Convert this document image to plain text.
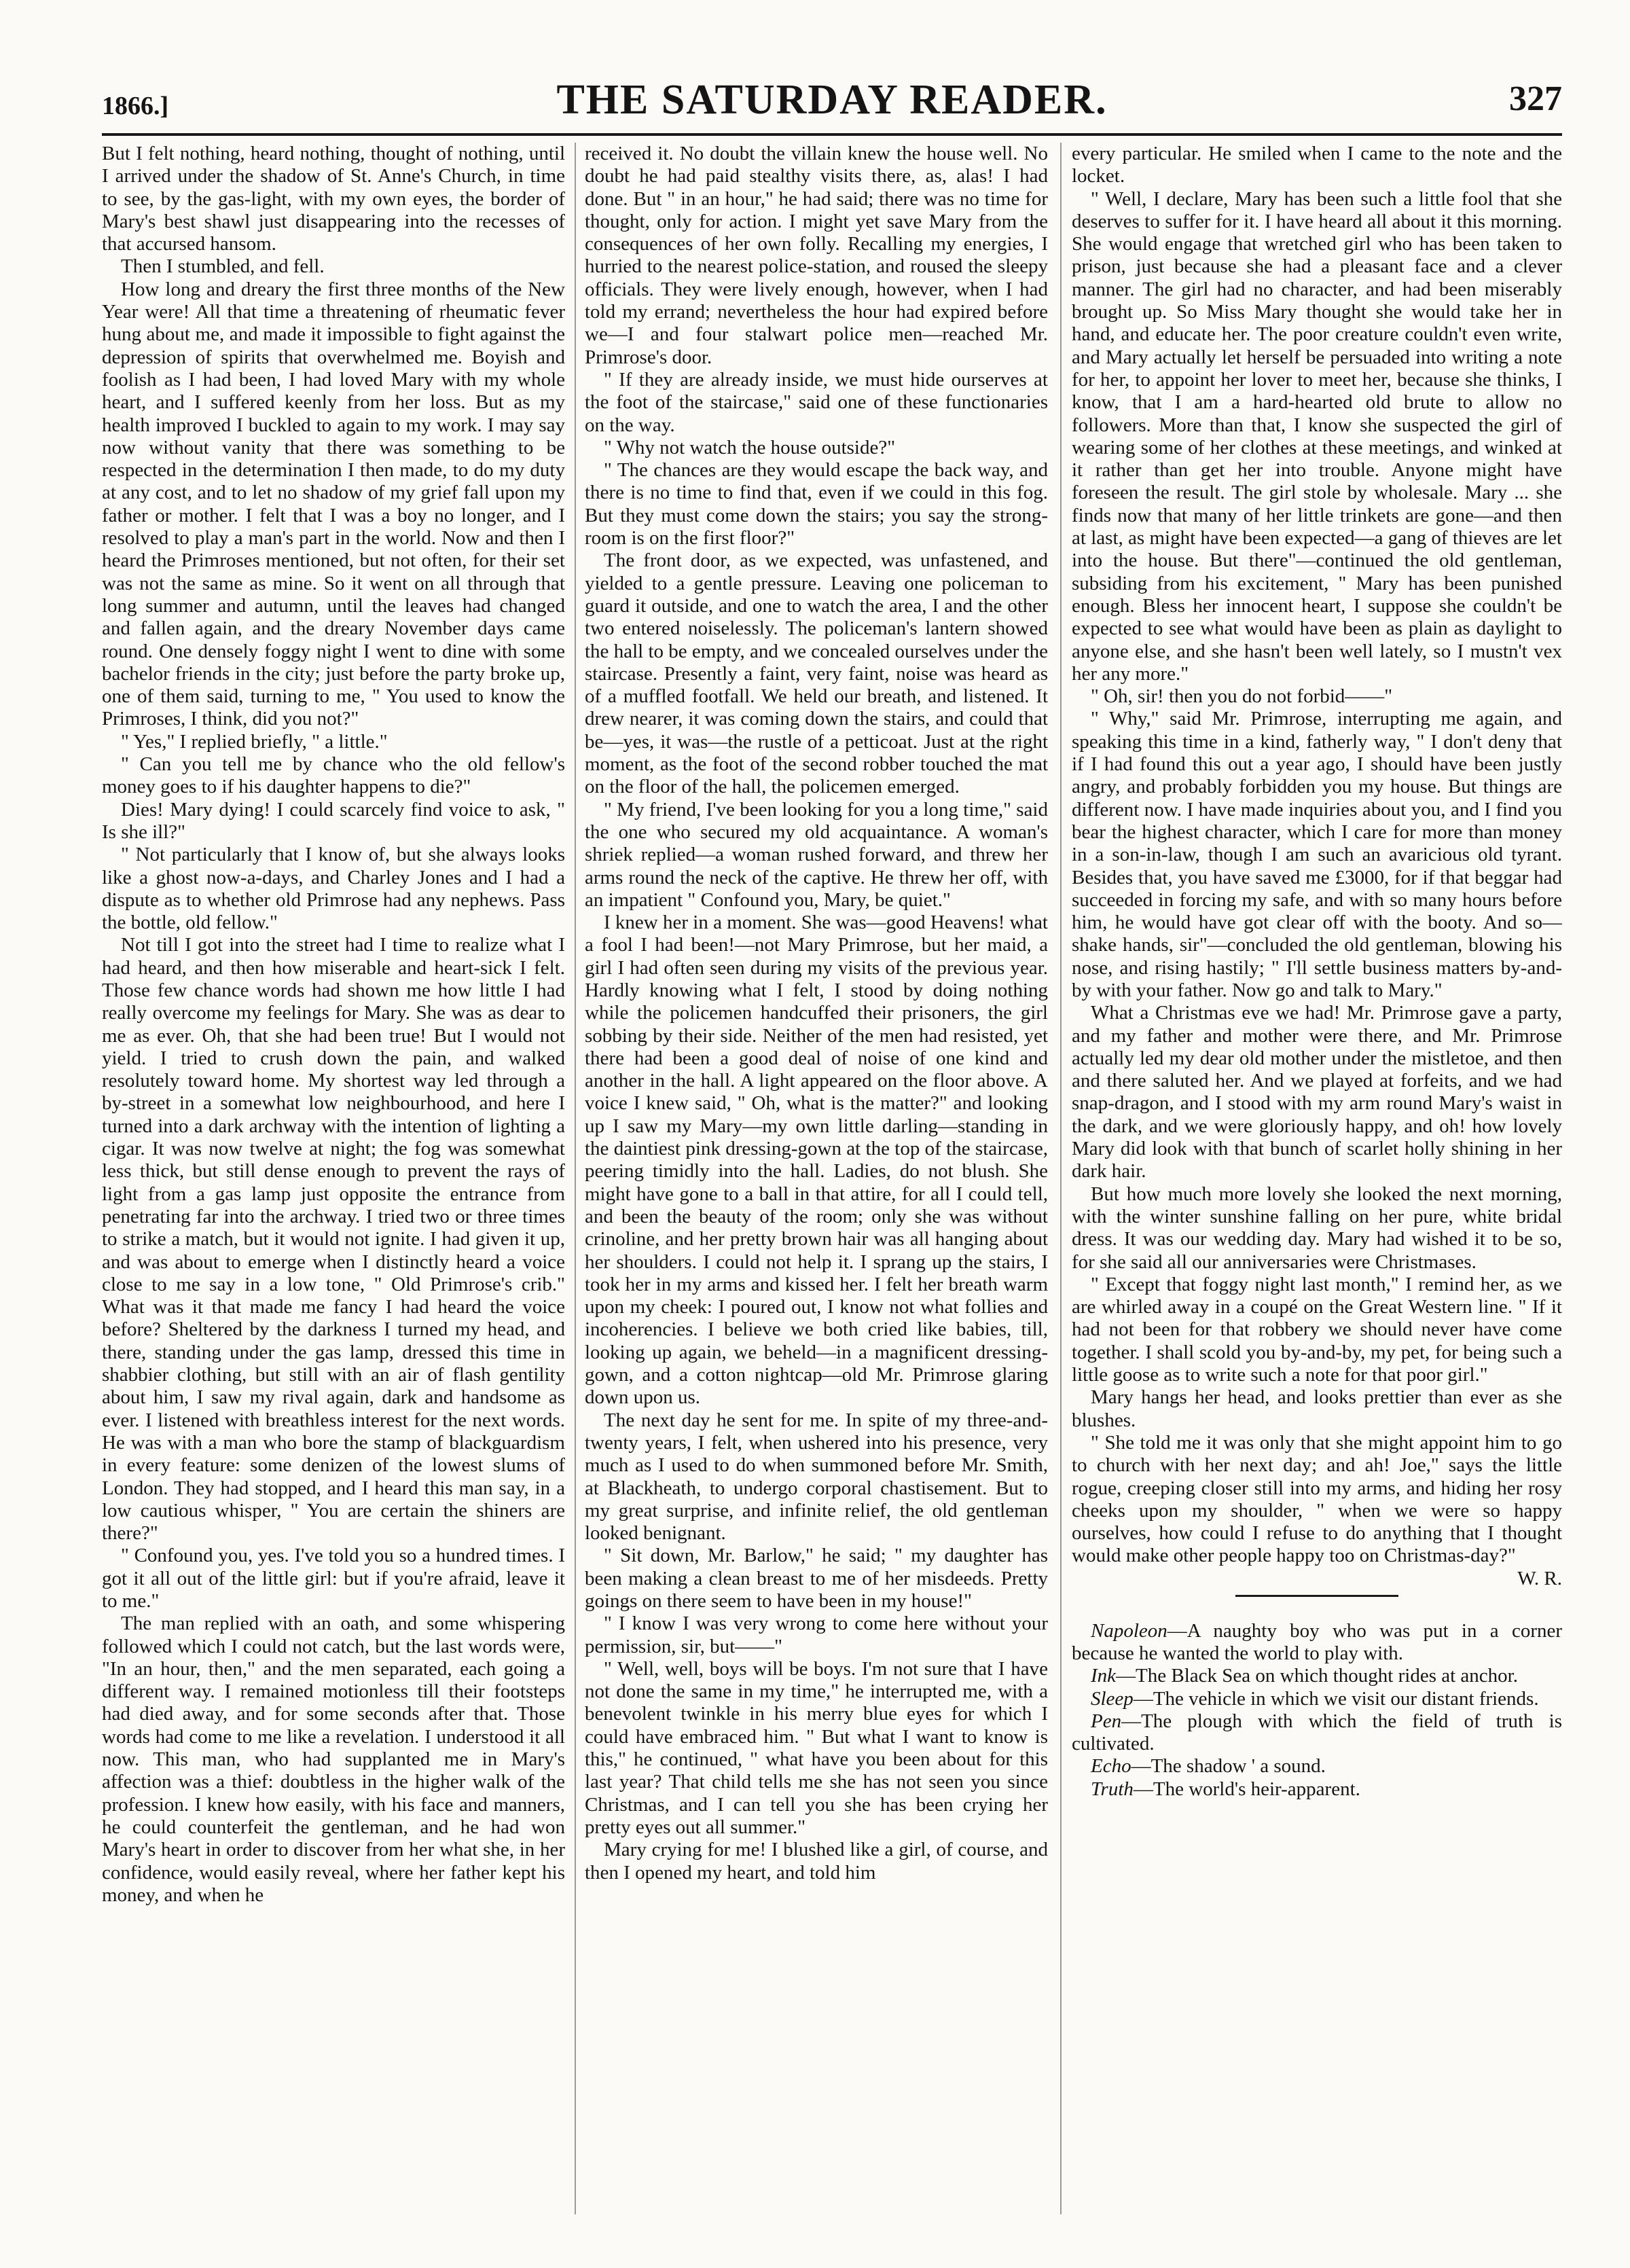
1866.]	THE SATURDAY READER.	327

But I felt nothing, heard nothing, thought of nothing, until I arrived under the shadow of St. Anne's Church, in time to see, by the gas-light, with my own eyes, the border of Mary's best shawl just disappearing into the recesses of that accursed hansom.

Then I stumbled, and fell.

How long and dreary the first three months of the New Year were! All that time a threatening of rheumatic fever hung about me, and made it impossible to fight against the depression of spirits that overwhelmed me. Boyish and foolish as I had been, I had loved Mary with my whole heart, and I suffered keenly from her loss. But as my health improved I buckled to again to my work. I may say now without vanity that there was something to be respected in the determination I then made, to do my duty at any cost, and to let no shadow of my grief fall upon my father or mother. I felt that I was a boy no longer, and I resolved to play a man's part in the world. Now and then I heard the Primroses mentioned, but not often, for their set was not the same as mine. So it went on all through that long summer and autumn, until the leaves had changed and fallen again, and the dreary November days came round. One densely foggy night I went to dine with some bachelor friends in the city; just before the party broke up, one of them said, turning to me, " You used to know the Primroses, I think, did you not?"

" Yes," I replied briefly, " a little."

" Can you tell me by chance who the old fellow's money goes to if his daughter happens to die?"

Dies! Mary dying! I could scarcely find voice to ask, " Is she ill?"

" Not particularly that I know of, but she always looks like a ghost now-a-days, and Charley Jones and I had a dispute as to whether old Primrose had any nephews. Pass the bottle, old fellow."

Not till I got into the street had I time to realize what I had heard, and then how miserable and heart-sick I felt. Those few chance words had shown me how little I had really overcome my feelings for Mary. She was as dear to me as ever. Oh, that she had been true! But I would not yield. I tried to crush down the pain, and walked resolutely toward home. My shortest way led through a by-street in a somewhat low neighbourhood, and here I turned into a dark archway with the intention of lighting a cigar. It was now twelve at night; the fog was somewhat less thick, but still dense enough to prevent the rays of light from a gas lamp just opposite the entrance from penetrating far into the archway. I tried two or three times to strike a match, but it would not ignite. I had given it up, and was about to emerge when I distinctly heard a voice close to me say in a low tone, " Old Primrose's crib." What was it that made me fancy I had heard the voice before? Sheltered by the darkness I turned my head, and there, standing under the gas lamp, dressed this time in shabbier clothing, but still with an air of flash gentility about him, I saw my rival again, dark and handsome as ever. I listened with breathless interest for the next words. He was with a man who bore the stamp of blackguardism in every feature: some denizen of the lowest slums of London. They had stopped, and I heard this man say, in a low cautious whisper, " You are certain the shiners are there?"

" Confound you, yes. I've told you so a hundred times. I got it all out of the little girl: but if you're afraid, leave it to me."

The man replied with an oath, and some whispering followed which I could not catch, but the last words were, "In an hour, then," and the men separated, each going a different way. I remained motionless till their footsteps had died away, and for some seconds after that. Those words had come to me like a revelation. I understood it all now. This man, who had supplanted me in Mary's affection was a thief: doubtless in the higher walk of the profession. I knew how easily, with his face and manners, he could counterfeit the gentleman, and he had won Mary's heart in order to discover from her what she, in her confidence, would easily reveal, where her father kept his money, and when he

received it. No doubt the villain knew the house well. No doubt he had paid stealthy visits there, as, alas! I had done. But " in an hour," he had said; there was no time for thought, only for action. I might yet save Mary from the consequences of her own folly. Recalling my energies, I hurried to the nearest police-station, and roused the sleepy officials. They were lively enough, however, when I had told my errand; nevertheless the hour had expired before we—I and four stalwart police men—reached Mr. Primrose's door.

" If they are already inside, we must hide ourserves at the foot of the staircase," said one of these functionaries on the way.

" Why not watch the house outside?"

" The chances are they would escape the back way, and there is no time to find that, even if we could in this fog. But they must come down the stairs; you say the strong-room is on the first floor?"

The front door, as we expected, was unfastened, and yielded to a gentle pressure. Leaving one policeman to guard it outside, and one to watch the area, I and the other two entered noiselessly. The policeman's lantern showed the hall to be empty, and we concealed ourselves under the staircase. Presently a faint, very faint, noise was heard as of a muffled footfall. We held our breath, and listened. It drew nearer, it was coming down the stairs, and could that be—yes, it was—the rustle of a petticoat. Just at the right moment, as the foot of the second robber touched the mat on the floor of the hall, the policemen emerged.

" My friend, I've been looking for you a long time," said the one who secured my old acquaintance. A woman's shriek replied—a woman rushed forward, and threw her arms round the neck of the captive. He threw her off, with an impatient " Confound you, Mary, be quiet."

I knew her in a moment. She was—good Heavens! what a fool I had been!—not Mary Primrose, but her maid, a girl I had often seen during my visits of the previous year. Hardly knowing what I felt, I stood by doing nothing while the policemen handcuffed their prisoners, the girl sobbing by their side. Neither of the men had resisted, yet there had been a good deal of noise of one kind and another in the hall. A light appeared on the floor above. A voice I knew said, " Oh, what is the matter?" and looking up I saw my Mary—my own little darling—standing in the daintiest pink dressing-gown at the top of the staircase, peering timidly into the hall. Ladies, do not blush. She might have gone to a ball in that attire, for all I could tell, and been the beauty of the room; only she was without crinoline, and her pretty brown hair was all hanging about her shoulders. I could not help it. I sprang up the stairs, I took her in my arms and kissed her. I felt her breath warm upon my cheek: I poured out, I know not what follies and incoherencies. I believe we both cried like babies, till, looking up again, we beheld—in a magnificent dressing-gown, and a cotton nightcap—old Mr. Primrose glaring down upon us.

The next day he sent for me. In spite of my three-and-twenty years, I felt, when ushered into his presence, very much as I used to do when summoned before Mr. Smith, at Blackheath, to undergo corporal chastisement. But to my great surprise, and infinite relief, the old gentleman looked benignant.

" Sit down, Mr. Barlow," he said; " my daughter has been making a clean breast to me of her misdeeds. Pretty goings on there seem to have been in my house!"

" I know I was very wrong to come here without your permission, sir, but——"

" Well, well, boys will be boys. I'm not sure that I have not done the same in my time," he interrupted me, with a benevolent twinkle in his merry blue eyes for which I could have embraced him. " But what I want to know is this," he continued, " what have you been about for this last year? That child tells me she has not seen you since Christmas, and I can tell you she has been crying her pretty eyes out all summer."

Mary crying for me! I blushed like a girl, of course, and then I opened my heart, and told him

every particular. He smiled when I came to the note and the locket.

" Well, I declare, Mary has been such a little fool that she deserves to suffer for it. I have heard all about it this morning. She would engage that wretched girl who has been taken to prison, just because she had a pleasant face and a clever manner. The girl had no character, and had been miserably brought up. So Miss Mary thought she would take her in hand, and educate her. The poor creature couldn't even write, and Mary actually let herself be persuaded into writing a note for her, to appoint her lover to meet her, because she thinks, I know, that I am a hard-hearted old brute to allow no followers. More than that, I know she suspected the girl of wearing some of her clothes at these meetings, and winked at it rather than get her into trouble. Anyone might have foreseen the result. The girl stole by wholesale. Mary ... she finds now that many of her little trinkets are gone—and then at last, as might have been expected—a gang of thieves are let into the house. But there"—continued the old gentleman, subsiding from his excitement, " Mary has been punished enough. Bless her innocent heart, I suppose she couldn't be expected to see what would have been as plain as daylight to anyone else, and she hasn't been well lately, so I mustn't vex her any more."

" Oh, sir! then you do not forbid——"

" Why," said Mr. Primrose, interrupting me again, and speaking this time in a kind, fatherly way, " I don't deny that if I had found this out a year ago, I should have been justly angry, and probably forbidden you my house. But things are different now. I have made inquiries about you, and I find you bear the highest character, which I care for more than money in a son-in-law, though I am such an avaricious old tyrant. Besides that, you have saved me £3000, for if that beggar had succeeded in forcing my safe, and with so many hours before him, he would have got clear off with the booty. And so—shake hands, sir"—concluded the old gentleman, blowing his nose, and rising hastily; " I'll settle business matters by-and-by with your father. Now go and talk to Mary."

What a Christmas eve we had! Mr. Primrose gave a party, and my father and mother were there, and Mr. Primrose actually led my dear old mother under the mistletoe, and then and there saluted her. And we played at forfeits, and we had snap-dragon, and I stood with my arm round Mary's waist in the dark, and we were gloriously happy, and oh! how lovely Mary did look with that bunch of scarlet holly shining in her dark hair.

But how much more lovely she looked the next morning, with the winter sunshine falling on her pure, white bridal dress. It was our wedding day. Mary had wished it to be so, for she said all our anniversaries were Christmases.

" Except that foggy night last month," I remind her, as we are whirled away in a coupé on the Great Western line. " If it had not been for that robbery we should never have come together. I shall scold you by-and-by, my pet, for being such a little goose as to write such a note for that poor girl."

Mary hangs her head, and looks prettier than ever as she blushes.

" She told me it was only that she might appoint him to go to church with her next day; and ah! Joe," says the little rogue, creeping closer still into my arms, and hiding her rosy cheeks upon my shoulder, " when we were so happy ourselves, how could I refuse to do anything that I thought would make other people happy too on Christmas-day?"
W. R.

Napoleon—A naughty boy who was put in a corner because he wanted the world to play with.

Ink—The Black Sea on which thought rides at anchor.

Sleep—The vehicle in which we visit our distant friends.

Pen—The plough with which the field of truth is cultivated.

Echo—The shadow ' a sound.

Truth—The world's heir-apparent.
